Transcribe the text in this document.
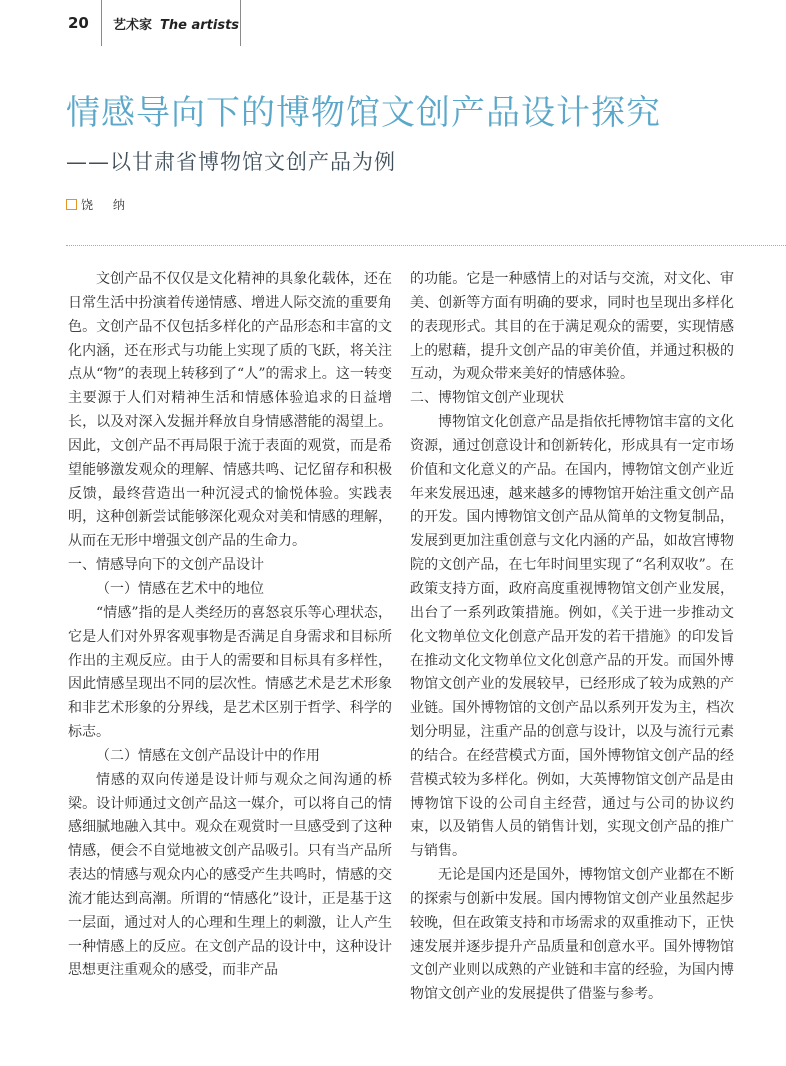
20 艺术家 The artists
情感导向下的博物馆文创产品设计探究
——以甘肃省博物馆文创产品为例
饶 纳

文创产品不仅仅是文化精神的具象化载体，还在日常生活中扮演着传递情感、增进人际交流的重要角色。文创产品不仅包括多样化的产品形态和丰富的文化内涵，还在形式与功能上实现了质的飞跃，将关注点从“物”的表现上转移到了“人”的需求上。这一转变主要源于人们对精神生活和情感体验追求的日益增长，以及对深入发掘并释放自身情感潜能的渴望上。因此，文创产品不再局限于流于表面的观赏，而是希望能够激发观众的理解、情感共鸣、记忆留存和积极反馈，最终营造出一种沉浸式的愉悦体验。实践表明，这种创新尝试能够深化观众对美和情感的理解，从而在无形中增强文创产品的生命力。

一、情感导向下的文创产品设计
（一）情感在艺术中的地位

“情感”指的是人类经历的喜怒哀乐等心理状态，它是人们对外界客观事物是否满足自身需求和目标所作出的主观反应。由于人的需要和目标具有多样性，因此情感呈现出不同的层次性。情感艺术是艺术形象和非艺术形象的分界线，是艺术区别于哲学、科学的标志。

（二）情感在文创产品设计中的作用

情感的双向传递是设计师与观众之间沟通的桥梁。设计师通过文创产品这一媒介，可以将自己的情感细腻地融入其中。观众在观赏时一旦感受到了这种情感，便会不自觉地被文创产品吸引。只有当产品所表达的情感与观众内心的感受产生共鸣时，情感的交流才能达到高潮。所谓的“情感化”设计，正是基于这一层面，通过对人的心理和生理上的刺激，让人产生一种情感上的反应。在文创产品的设计中，这种设计思想更注重观众的感受，而非产品

的功能。它是一种感情上的对话与交流，对文化、审美、创新等方面有明确的要求，同时也呈现出多样化的表现形式。其目的在于满足观众的需要，实现情感上的慰藉，提升文创产品的审美价值，并通过积极的互动，为观众带来美好的情感体验。

二、博物馆文创产业现状

博物馆文化创意产品是指依托博物馆丰富的文化资源，通过创意设计和创新转化，形成具有一定市场价值和文化意义的产品。在国内，博物馆文创产业近年来发展迅速，越来越多的博物馆开始注重文创产品的开发。国内博物馆文创产品从简单的文物复制品，发展到更加注重创意与文化内涵的产品，如故宫博物院的文创产品，在七年时间里实现了“名利双收”。在政策支持方面，政府高度重视博物馆文创产业发展，出台了一系列政策措施。例如，《关于进一步推动文化文物单位文化创意产品开发的若干措施》的印发旨在推动文化文物单位文化创意产品的开发。而国外博物馆文创产业的发展较早，已经形成了较为成熟的产业链。国外博物馆的文创产品以系列开发为主，档次划分明显，注重产品的创意与设计，以及与流行元素的结合。在经营模式方面，国外博物馆文创产品的经营模式较为多样化。例如，大英博物馆文创产品是由博物馆下设的公司自主经营，通过与公司的协议约束，以及销售人员的销售计划，实现文创产品的推广与销售。

无论是国内还是国外，博物馆文创产业都在不断的探索与创新中发展。国内博物馆文创产业虽然起步较晚，但在政策支持和市场需求的双重推动下，正快速发展并逐步提升产品质量和创意水平。国外博物馆文创产业则以成熟的产业链和丰富的经验，为国内博物馆文创产业的发展提供了借鉴与参考。
